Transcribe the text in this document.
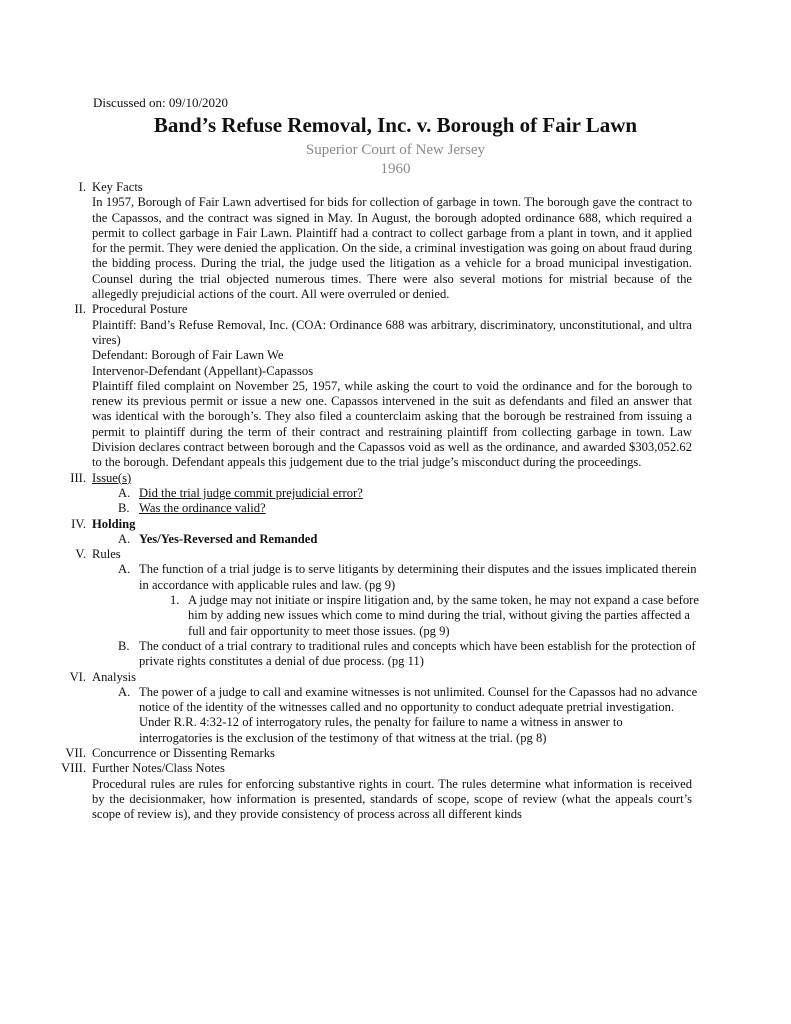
Discussed on: 09/10/2020
Band’s Refuse Removal, Inc. v. Borough of Fair Lawn
Superior Court of New Jersey
1960
I. Key Facts
In 1957, Borough of Fair Lawn advertised for bids for collection of garbage in town. The borough gave the contract to the Capassos, and the contract was signed in May. In August, the borough adopted ordinance 688, which required a permit to collect garbage in Fair Lawn. Plaintiff had a contract to collect garbage from a plant in town, and it applied for the permit. They were denied the application. On the side, a criminal investigation was going on about fraud during the bidding process. During the trial, the judge used the litigation as a vehicle for a broad municipal investigation. Counsel during the trial objected numerous times. There were also several motions for mistrial because of the allegedly prejudicial actions of the court. All were overruled or denied.
II. Procedural Posture
Plaintiff: Band’s Refuse Removal, Inc. (COA: Ordinance 688 was arbitrary, discriminatory, unconstitutional, and ultra vires)
Defendant: Borough of Fair Lawn We
Intervenor-Defendant (Appellant)-Capassos
Plaintiff filed complaint on November 25, 1957, while asking the court to void the ordinance and for the borough to renew its previous permit or issue a new one. Capassos intervened in the suit as defendants and filed an answer that was identical with the borough’s. They also filed a counterclaim asking that the borough be restrained from issuing a permit to plaintiff during the term of their contract and restraining plaintiff from collecting garbage in town. Law Division declares contract between borough and the Capassos void as well as the ordinance, and awarded $303,052.62 to the borough. Defendant appeals this judgement due to the trial judge’s misconduct during the proceedings.
III. Issue(s)
A. Did the trial judge commit prejudicial error?
B. Was the ordinance valid?
IV. Holding
A. Yes/Yes-Reversed and Remanded
V. Rules
A. The function of a trial judge is to serve litigants by determining their disputes and the issues implicated therein in accordance with applicable rules and law. (pg 9)
1. A judge may not initiate or inspire litigation and, by the same token, he may not expand a case before him by adding new issues which come to mind during the trial, without giving the parties affected a full and fair opportunity to meet those issues. (pg 9)
B. The conduct of a trial contrary to traditional rules and concepts which have been establish for the protection of private rights constitutes a denial of due process. (pg 11)
VI. Analysis
A. The power of a judge to call and examine witnesses is not unlimited. Counsel for the Capassos had no advance notice of the identity of the witnesses called and no opportunity to conduct adequate pretrial investigation. Under R.R. 4:32-12 of interrogatory rules, the penalty for failure to name a witness in answer to interrogatories is the exclusion of the testimony of that witness at the trial. (pg 8)
VII. Concurrence or Dissenting Remarks
VIII. Further Notes/Class Notes
Procedural rules are rules for enforcing substantive rights in court. The rules determine what information is received by the decisionmaker, how information is presented, standards of scope, scope of review (what the appeals court’s scope of review is), and they provide consistency of process across all different kinds
